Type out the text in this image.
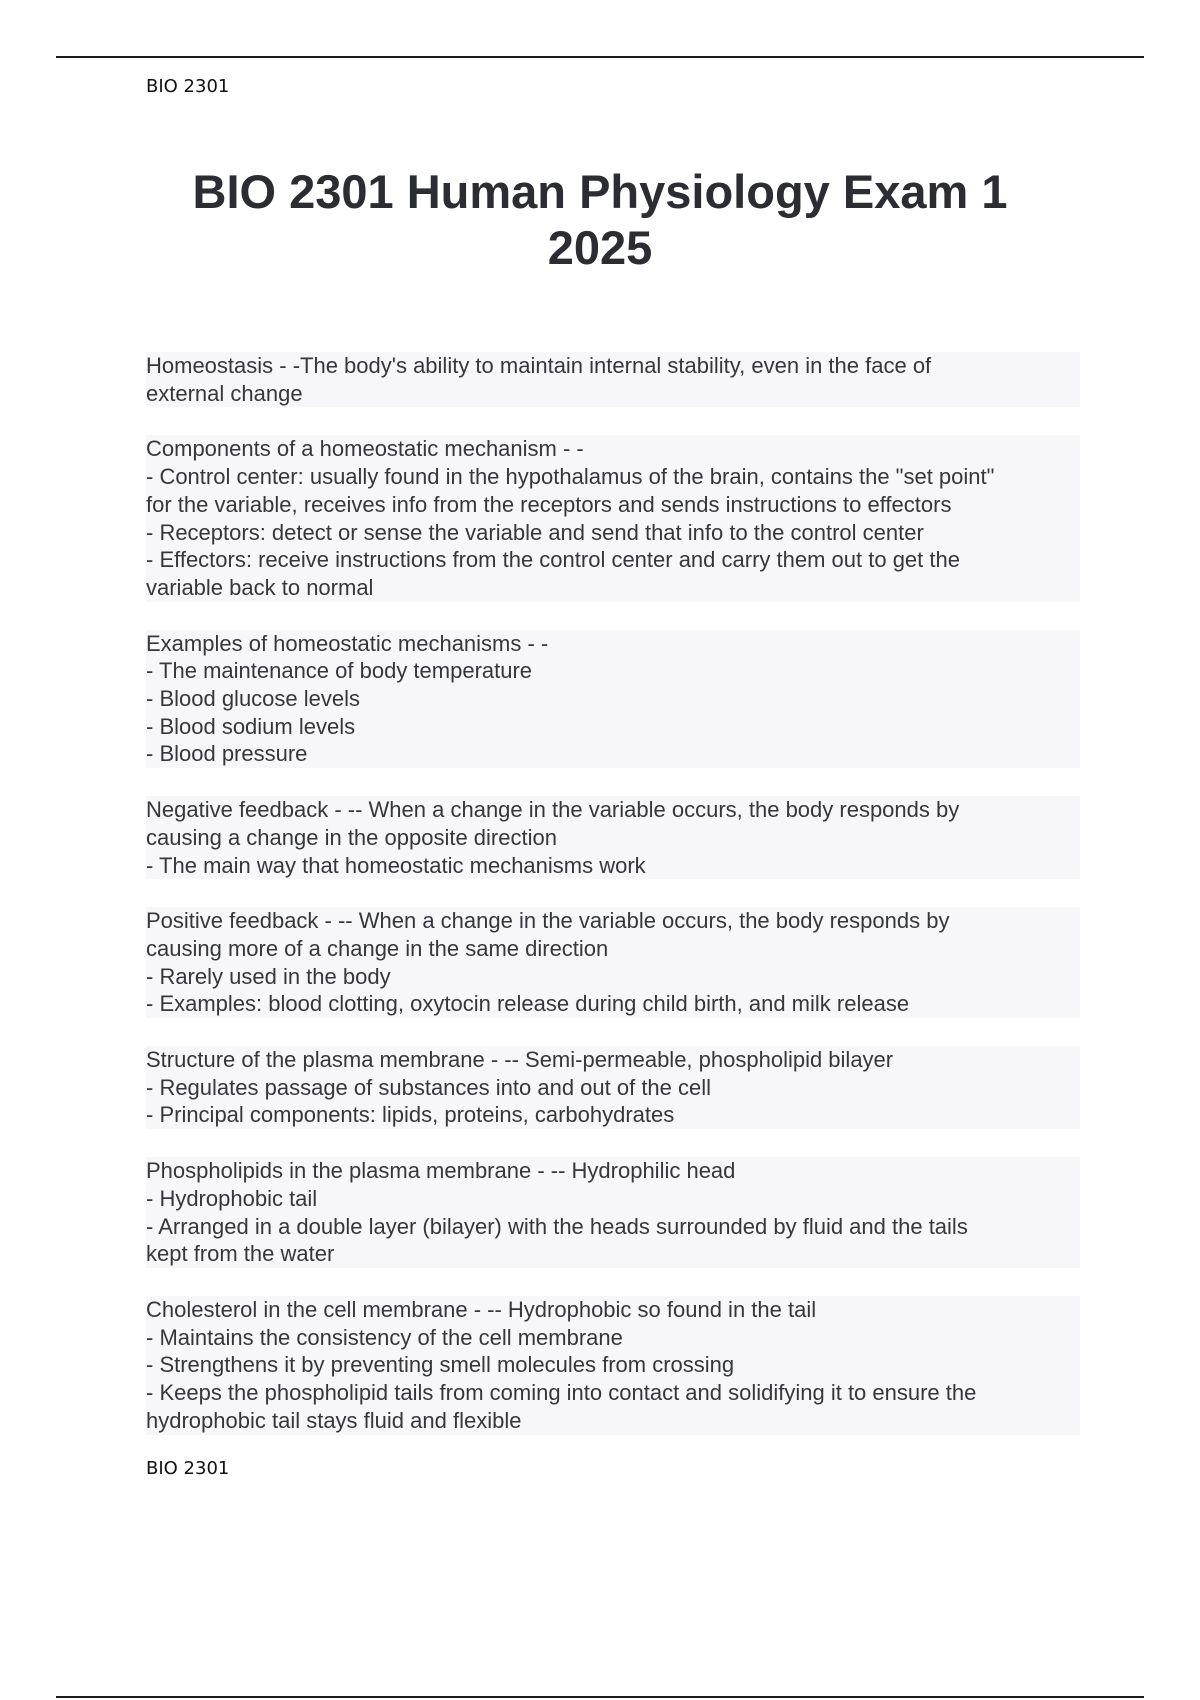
BIO 2301
BIO 2301 Human Physiology Exam 1 2025
Homeostasis - -The body's ability to maintain internal stability, even in the face of
external change
Components of a homeostatic mechanism - -
- Control center: usually found in the hypothalamus of the brain, contains the "set point"
for the variable, receives info from the receptors and sends instructions to effectors
- Receptors: detect or sense the variable and send that info to the control center
- Effectors: receive instructions from the control center and carry them out to get the
variable back to normal
Examples of homeostatic mechanisms - -
- The maintenance of body temperature
- Blood glucose levels
- Blood sodium levels
- Blood pressure
Negative feedback - -- When a change in the variable occurs, the body responds by
causing a change in the opposite direction
- The main way that homeostatic mechanisms work
Positive feedback - -- When a change in the variable occurs, the body responds by
causing more of a change in the same direction
- Rarely used in the body
- Examples: blood clotting, oxytocin release during child birth, and milk release
Structure of the plasma membrane - -- Semi-permeable, phospholipid bilayer
- Regulates passage of substances into and out of the cell
- Principal components: lipids, proteins, carbohydrates
Phospholipids in the plasma membrane - -- Hydrophilic head
- Hydrophobic tail
- Arranged in a double layer (bilayer) with the heads surrounded by fluid and the tails
kept from the water
Cholesterol in the cell membrane - -- Hydrophobic so found in the tail
- Maintains the consistency of the cell membrane
- Strengthens it by preventing smell molecules from crossing
- Keeps the phospholipid tails from coming into contact and solidifying it to ensure the
hydrophobic tail stays fluid and flexible
BIO 2301
